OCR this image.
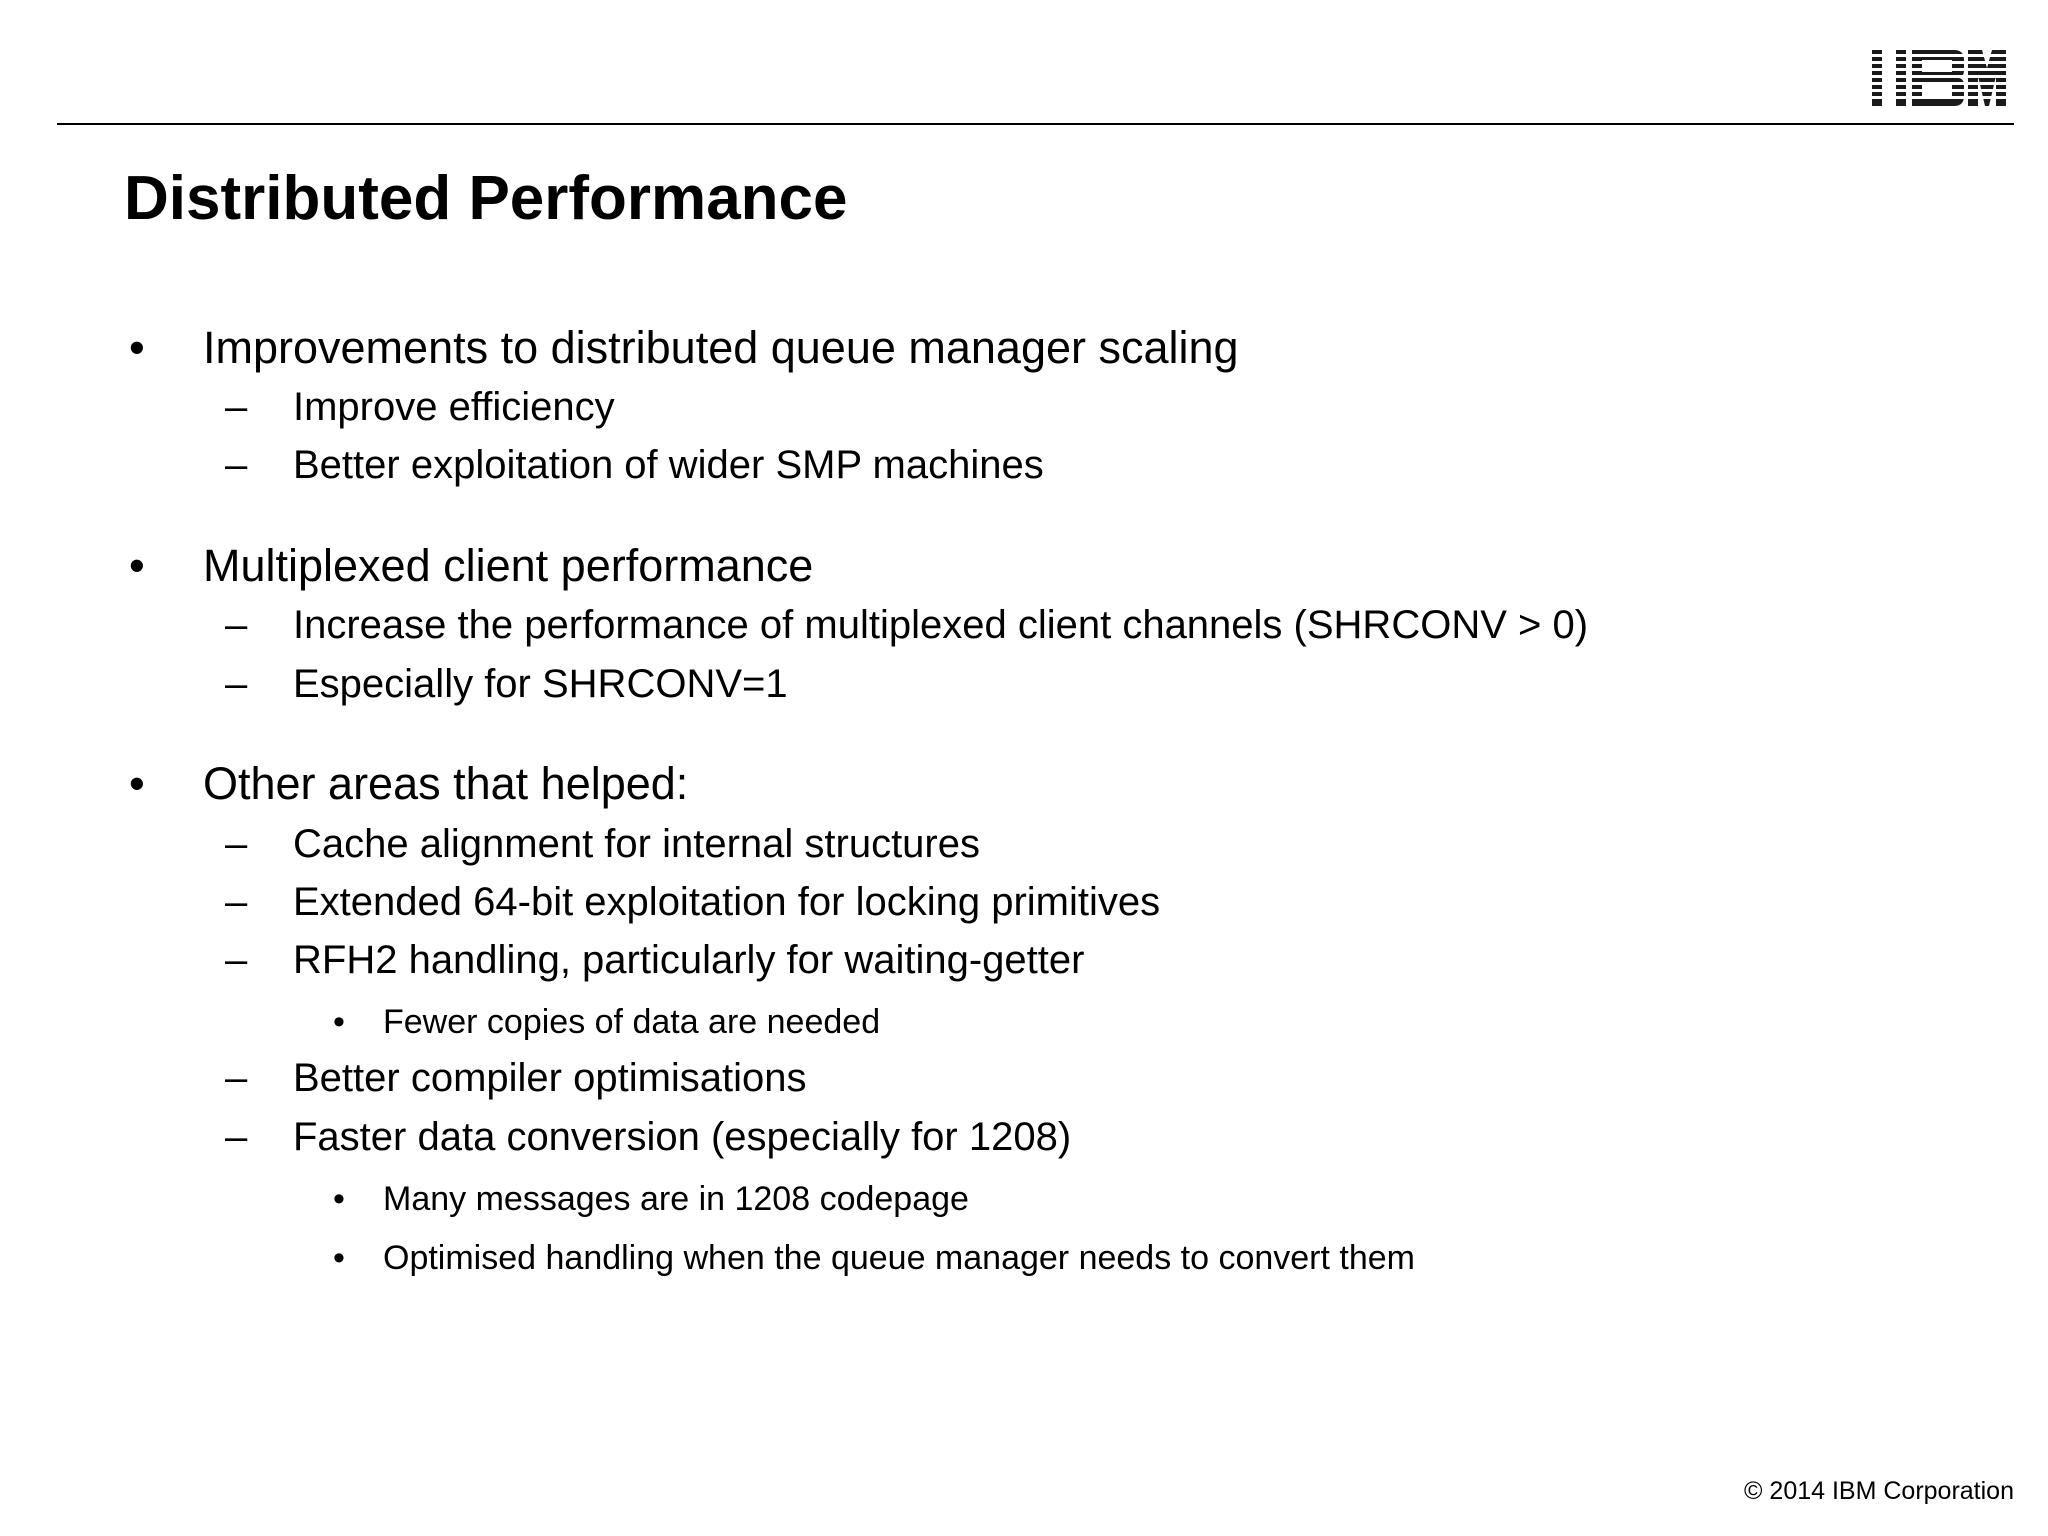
Distributed Performance
• Improvements to distributed queue manager scaling
– Improve efficiency
– Better exploitation of wider SMP machines
• Multiplexed client performance
– Increase the performance of multiplexed client channels (SHRCONV > 0)
– Especially for SHRCONV=1
• Other areas that helped:
– Cache alignment for internal structures
– Extended 64-bit exploitation for locking primitives
– RFH2 handling, particularly for waiting-getter
• Fewer copies of data are needed
– Better compiler optimisations
– Faster data conversion (especially for 1208)
• Many messages are in 1208 codepage
• Optimised handling when the queue manager needs to convert them
© 2014 IBM Corporation
